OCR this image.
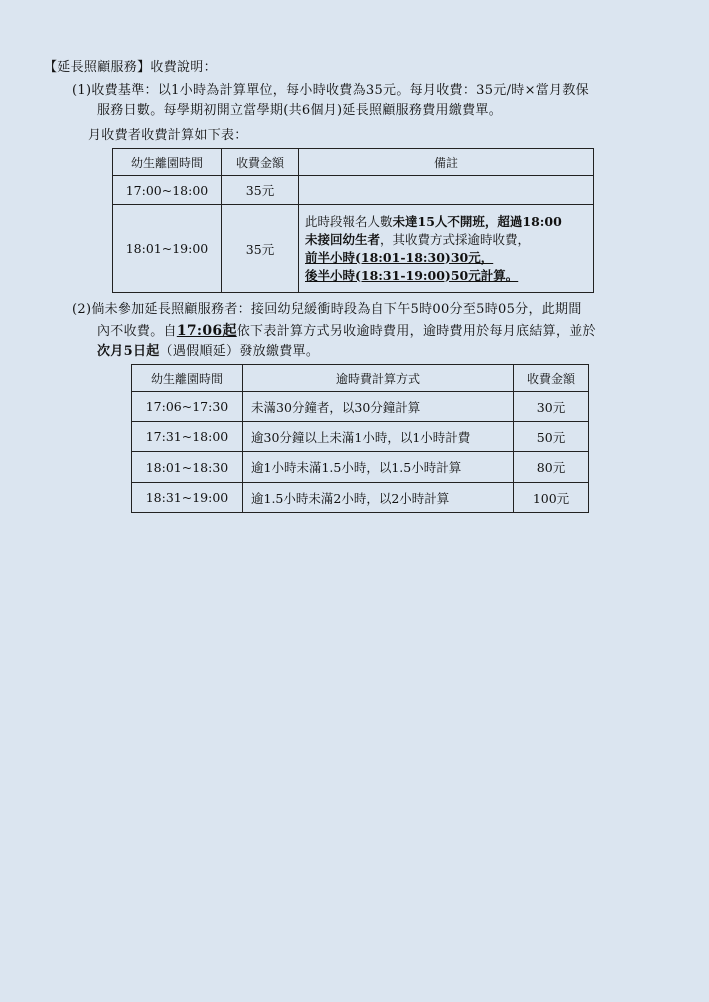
【延長照顧服務】收費說明：
(1)收費基準：以1小時為計算單位，每小時收費為35元。每月收費：35元/時×當月教保
服務日數。每學期初開立當學期(共6個月)延長照顧服務費用繳費單。
月收費者收費計算如下表：
幼生離園時間	收費金額	備註
17:00~18:00	35元	
18:01~19:00	35元	此時段報名人數未達15人不開班，超過18:00
未接回幼生者，其收費方式採逾時收費，
前半小時(18:01-18:30)30元，
後半小時(18:31-19:00)50元計算。
(2)倘未參加延長照顧服務者：接回幼兒緩衝時段為自下午5時00分至5時05分，此期間
內不收費。自17:06起依下表計算方式另收逾時費用，逾時費用於每月底結算，並於
次月5日起（遇假順延）發放繳費單。
幼生離園時間	逾時費計算方式	收費金額
17:06~17:30	未滿30分鐘者，以30分鐘計算	30元
17:31~18:00	逾30分鐘以上未滿1小時，以1小時計費	50元
18:01~18:30	逾1小時未滿1.5小時，以1.5小時計算	80元
18:31~19:00	逾1.5小時未滿2小時，以2小時計算	100元
